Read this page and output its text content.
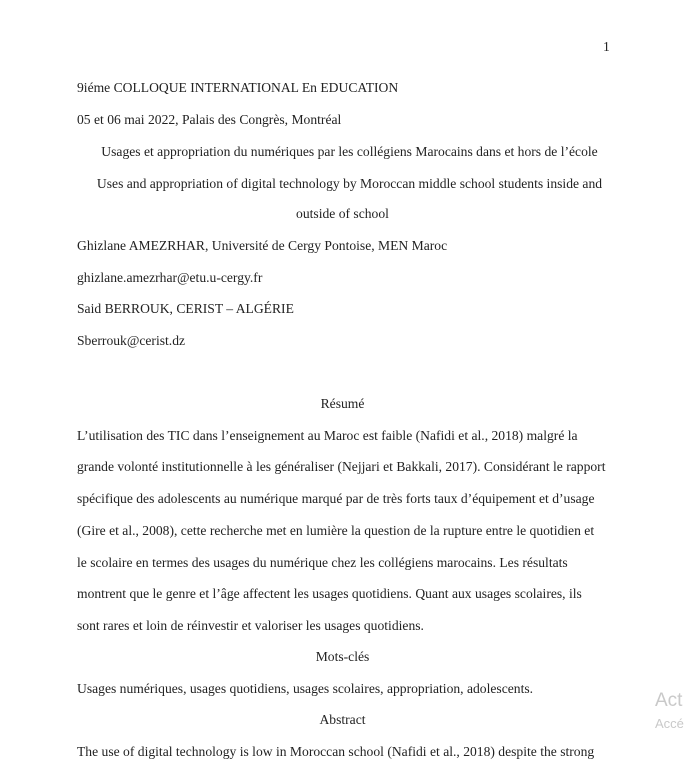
1
9iéme COLLOQUE INTERNATIONAL En EDUCATION
05 et 06 mai 2022, Palais des Congrès, Montréal
Usages et appropriation du numériques par les collégiens Marocains dans et hors de l’école
Uses and appropriation of digital technology by Moroccan middle school students inside and
outside of school
Ghizlane AMEZRHAR, Université de Cergy Pontoise, MEN Maroc
ghizlane.amezrhar@etu.u-cergy.fr
Said BERROUK, CERIST – ALGÉRIE
Sberrouk@cerist.dz
Résumé
L’utilisation des TIC dans l’enseignement au Maroc est faible (Nafidi et al., 2018) malgré la
grande volonté institutionnelle à les généraliser (Nejjari et Bakkali, 2017). Considérant le rapport
spécifique des adolescents au numérique marqué par de très forts taux d’équipement et d’usage
(Gire et al., 2008), cette recherche met en lumière la question de la rupture entre le quotidien et
le scolaire en termes des usages du numérique chez les collégiens marocains. Les résultats
montrent que le genre et l’âge affectent les usages quotidiens. Quant aux usages scolaires, ils
sont rares et loin de réinvestir et valoriser les usages quotidiens.
Mots-clés
Usages numériques, usages quotidiens, usages scolaires, appropriation, adolescents.
Abstract
The use of digital technology is low in Moroccan school (Nafidi et al., 2018) despite the strong
Act
Accé
